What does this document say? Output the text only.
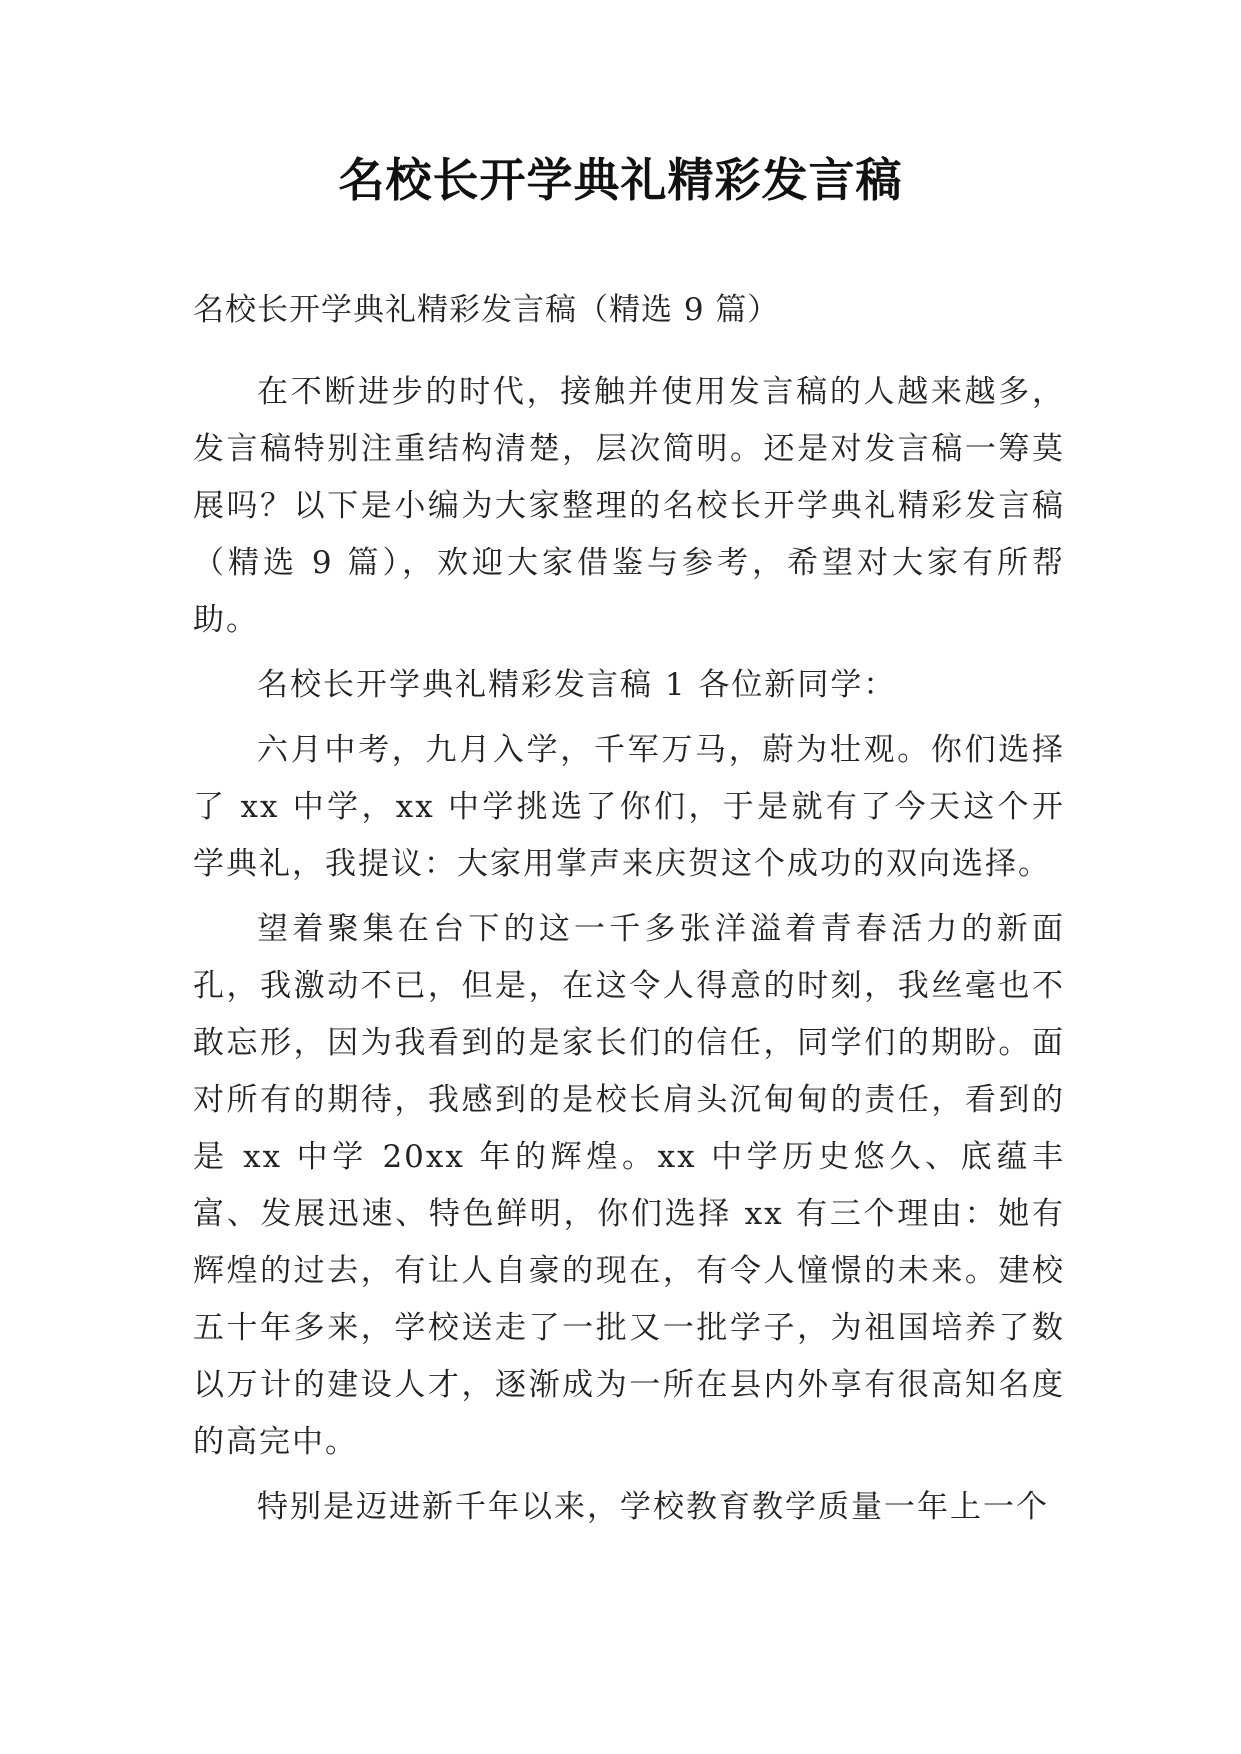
名校长开学典礼精彩发言稿

名校长开学典礼精彩发言稿（精选 9 篇）

在不断进步的时代，接触并使用发言稿的人越来越多，发言稿特别注重结构清楚，层次简明。还是对发言稿一筹莫展吗？以下是小编为大家整理的名校长开学典礼精彩发言稿（精选 9 篇），欢迎大家借鉴与参考，希望对大家有所帮助。

名校长开学典礼精彩发言稿 1 各位新同学：

六月中考，九月入学，千军万马，蔚为壮观。你们选择了 xx 中学，xx 中学挑选了你们，于是就有了今天这个开学典礼，我提议：大家用掌声来庆贺这个成功的双向选择。

望着聚集在台下的这一千多张洋溢着青春活力的新面孔，我激动不已，但是，在这令人得意的时刻，我丝毫也不敢忘形，因为我看到的是家长们的信任，同学们的期盼。面对所有的期待，我感到的是校长肩头沉甸甸的责任，看到的是 xx 中学 20xx 年的辉煌。xx 中学历史悠久、底蕴丰富、发展迅速、特色鲜明，你们选择 xx 有三个理由：她有辉煌的过去，有让人自豪的现在，有令人憧憬的未来。建校五十年多来，学校送走了一批又一批学子，为祖国培养了数以万计的建设人才，逐渐成为一所在县内外享有很高知名度的高完中。

特别是迈进新千年以来，学校教育教学质量一年上一个
